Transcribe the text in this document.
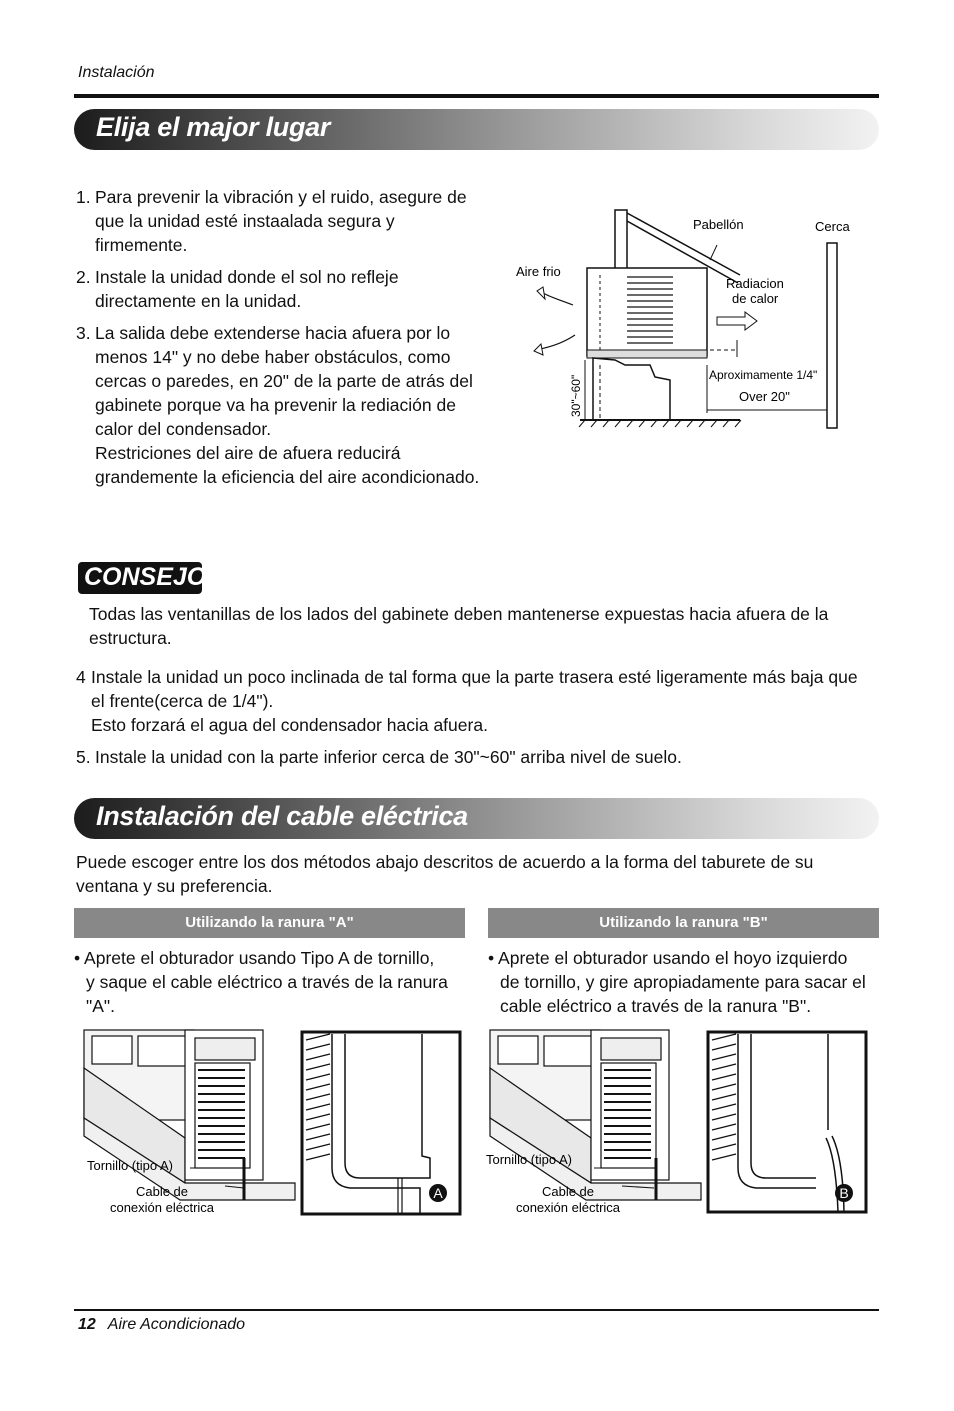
Instalación
Elija el major lugar
1. Para prevenir la vibración y el ruido, asegure de que la unidad esté instaalada segura y firmemente.
2. Instale la unidad donde el sol no refleje directamente en la unidad.
3. La salida debe extenderse hacia afuera por lo menos 14" y no debe haber obstáculos, como cercas o paredes, en 20" de la parte de atrás del gabinete porque va ha prevenir la rediación de calor del condensador.
Restriciones del aire de afuera reducirá grandemente la eficiencia del aire acondicionado.
Pabellón	Cerca
Aire frio
Radiacion
de calor
Aproximamente 1/4"
Over 20"
30"~60"
CONSEJO
Todas las ventanillas de los lados del gabinete deben mantenerse expuestas hacia afuera de la estructura.
4 Instale la unidad un poco inclinada de tal forma que la parte trasera esté ligeramente más baja que el frente(cerca de 1/4").
Esto forzará el agua del condensador hacia afuera.
5. Instale la unidad con la parte inferior cerca de 30"~60" arriba nivel de suelo.
Instalación del cable eléctrica
Puede escoger entre los dos métodos abajo descritos de acuerdo a la forma del taburete de su ventana y su preferencia.
Utilizando la ranura "A"
• Aprete el obturador usando Tipo A de tornillo,
y saque el cable eléctrico a través de la ranura "A".
Utilizando la ranura "B"
• Aprete el obturador usando el hoyo izquierdo
de tornillo, y gire apropiadamente para sacar el cable eléctrico a través de la ranura "B".
A
Tornillo (tipo A)
Cable de
conexión eléctrica
B
Tornillo (tipo A)
Cable de
conexión eléctrica
12 Aire Acondicionado
